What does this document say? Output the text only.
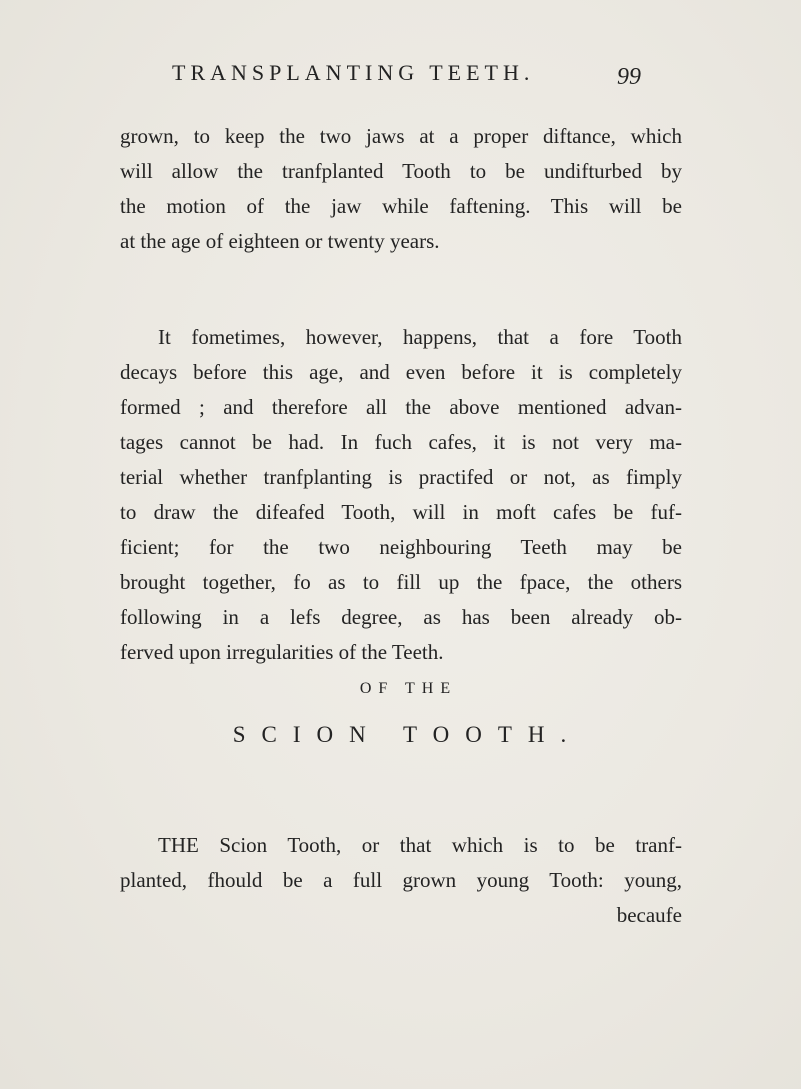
TRANSPLANTING TEETH.	99
grown, to keep the two jaws at a proper diftance, which
will allow the tranfplanted Tooth to be undifturbed by
the motion of the jaw while faftening. This will be
at the age of eighteen or twenty years.
It fometimes, however, happens, that a fore Tooth
decays before this age, and even before it is completely
formed ; and therefore all the above mentioned advan-
tages cannot be had. In fuch cafes, it is not very ma-
terial whether tranfplanting is practifed or not, as fimply
to draw the difeafed Tooth, will in moft cafes be fuf-
ficient; for the two neighbouring Teeth may be
brought together, fo as to fill up the fpace, the others
following in a lefs degree, as has been already ob-
ferved upon irregularities of the Teeth.
OF THE
SCION TOOTH.
THE Scion Tooth, or that which is to be tranf-
planted, fhould be a full grown young Tooth: young,
becaufe
